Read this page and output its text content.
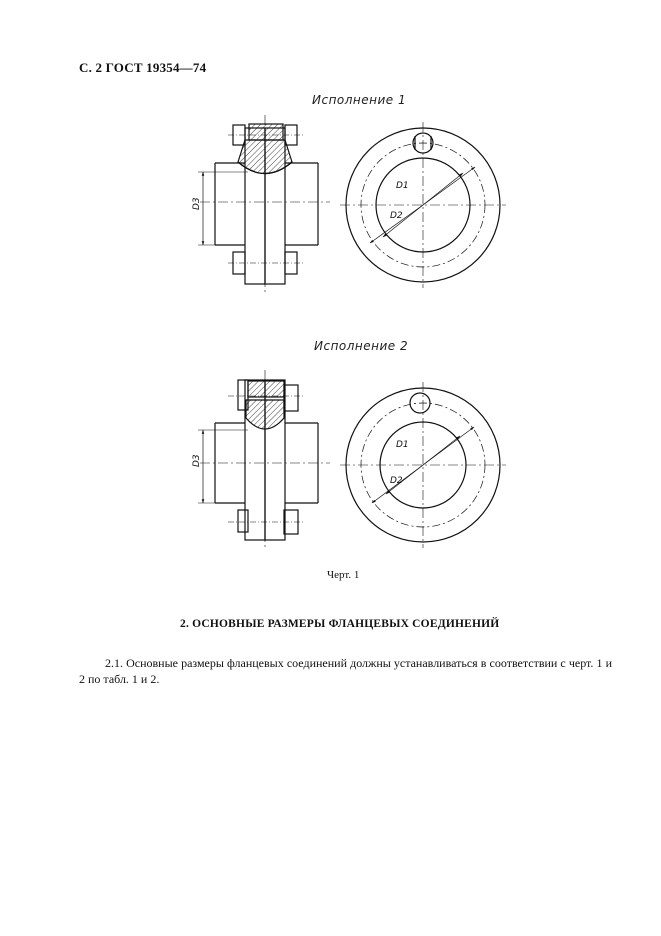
С. 2 ГОСТ 19354—74
Исполнение 1
Исполнение 2
D3
D1
D2
D3
D1
D2
Черт. 1
2. ОСНОВНЫЕ РАЗМЕРЫ ФЛАНЦЕВЫХ СОЕДИНЕНИЙ
2.1. Основные размеры фланцевых соединений должны устанавливаться в соответствии с черт. 1 и 2 по табл. 1 и 2.
